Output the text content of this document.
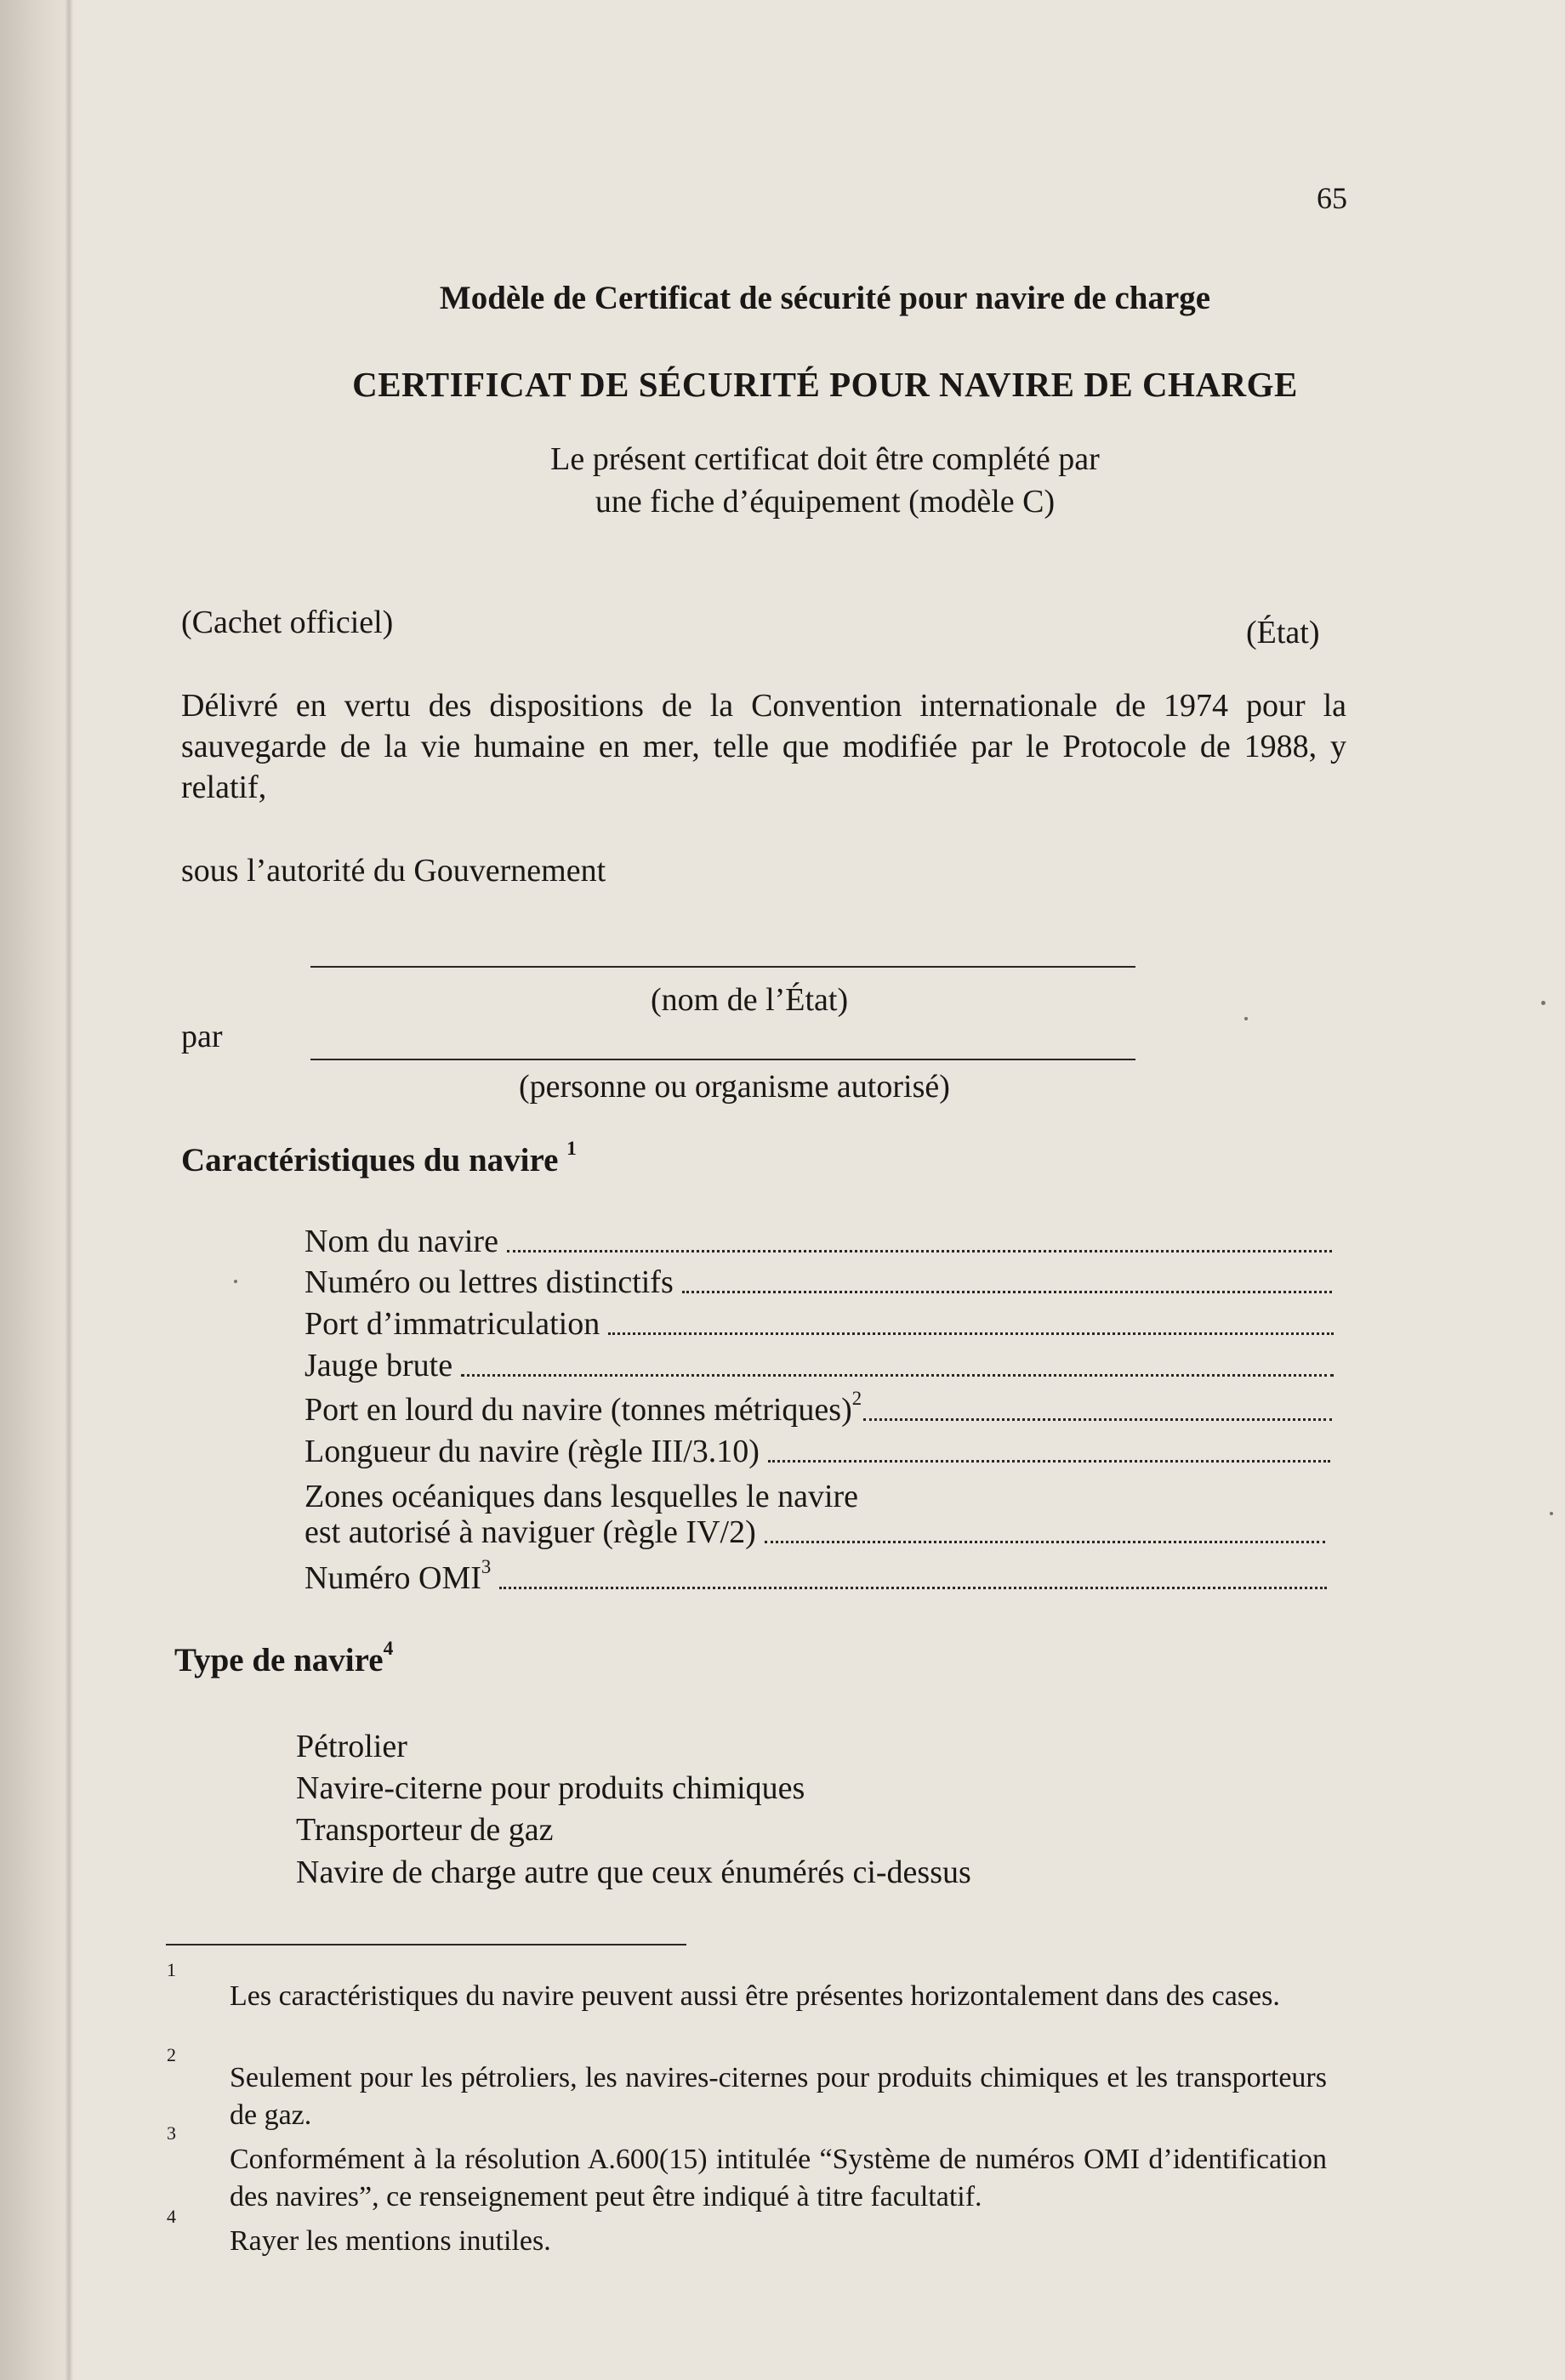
65
Modèle de Certificat de sécurité pour navire de charge
CERTIFICAT DE SÉCURITÉ POUR NAVIRE DE CHARGE
Le présent certificat doit être complété par
une fiche d’équipement (modèle C)
(Cachet officiel)	(État)
Délivré en vertu des dispositions de la Convention internationale de 1974 pour la sauvegarde de la vie humaine en mer, telle que modifiée par le Protocole de 1988, y relatif,
sous l’autorité du Gouvernement
(nom de l’État)
par
(personne ou organisme autorisé)
Caractéristiques du navire $^1$
Nom du navire
Numéro ou lettres distinctifs
Port d’immatriculation
Jauge brute
Port en lourd du navire (tonnes métriques)$^2$
Longueur du navire (règle III/3.10)
Zones océaniques dans lesquelles le navire
est autorisé à naviguer (règle IV/2)
Numéro OMI$^3$
Type de navire$^4$
Pétrolier
Navire-citerne pour produits chimiques
Transporteur de gaz
Navire de charge autre que ceux énumérés ci-dessus
1
Les caractéristiques du navire peuvent aussi être présentes horizontalement dans des cases.
2
Seulement pour les pétroliers, les navires-citernes pour produits chimiques et les transporteurs de gaz.
3
Conformément à la résolution A.600(15) intitulée “Système de numéros OMI d’identification des navires”, ce renseignement peut être indiqué à titre facultatif.
4
Rayer les mentions inutiles.
